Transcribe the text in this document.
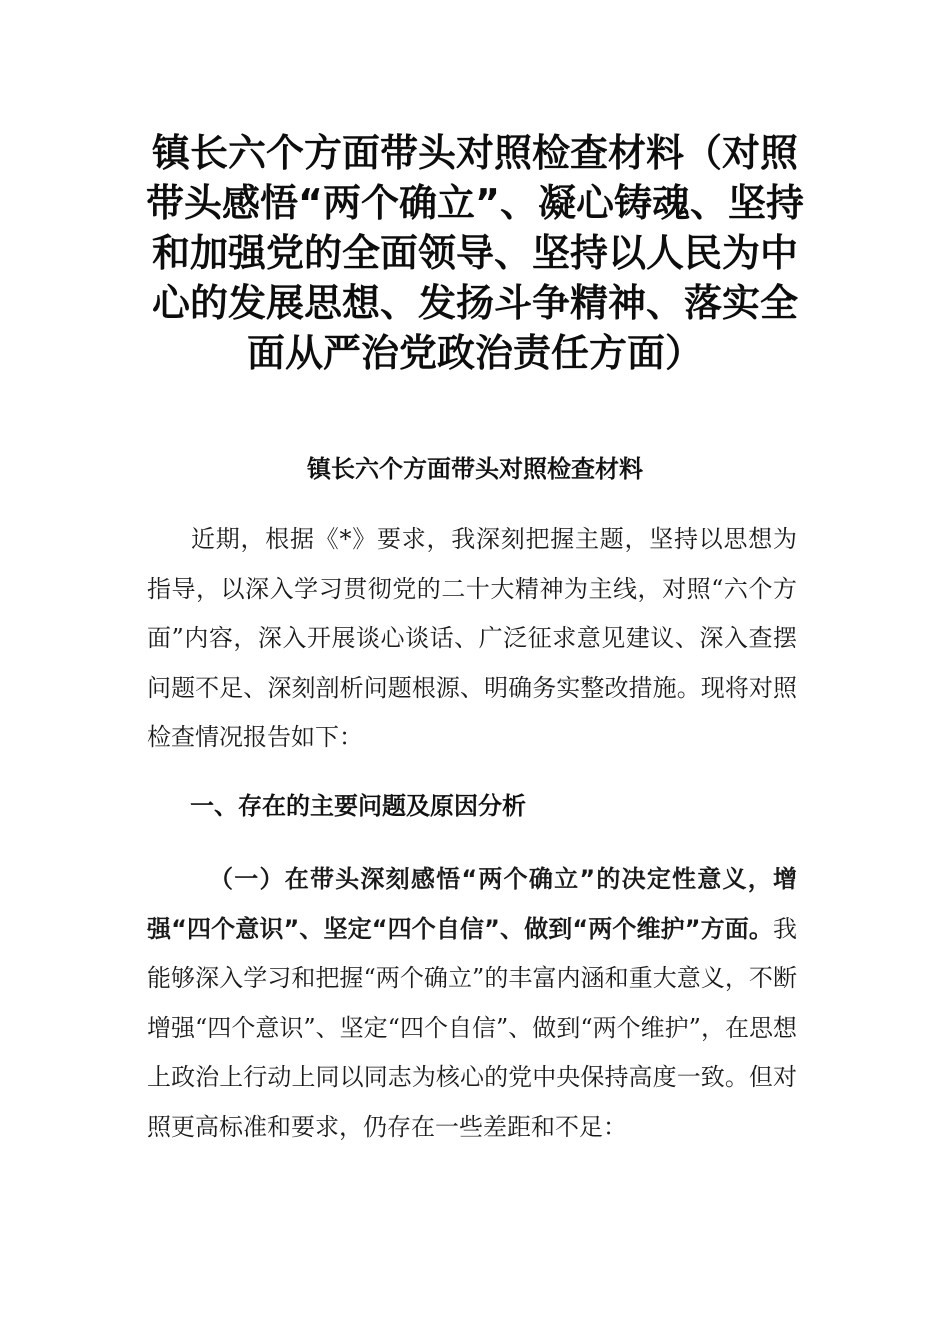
镇长六个方面带头对照检查材料（对照带头感悟“两个确立”、凝心铸魂、坚持和加强党的全面领导、坚持以人民为中心的发展思想、发扬斗争精神、落实全面从严治党政治责任方面）
镇长六个方面带头对照检查材料

近期，根据《*》要求，我深刻把握主题，坚持以思想为指导，以深入学习贯彻党的二十大精神为主线，对照“六个方面”内容，深入开展谈心谈话、广泛征求意见建议、深入查摆问题不足、深刻剖析问题根源、明确务实整改措施。现将对照检查情况报告如下：

一、存在的主要问题及原因分析

（一）在带头深刻感悟“两个确立”的决定性意义，增强“四个意识”、坚定“四个自信”、做到“两个维护”方面。我能够深入学习和把握“两个确立”的丰富内涵和重大意义，不断增强“四个意识”、坚定“四个自信”、做到“两个维护”，在思想上政治上行动上同以同志为核心的党中央保持高度一致。但对照更高标准和要求，仍存在一些差距和不足：
